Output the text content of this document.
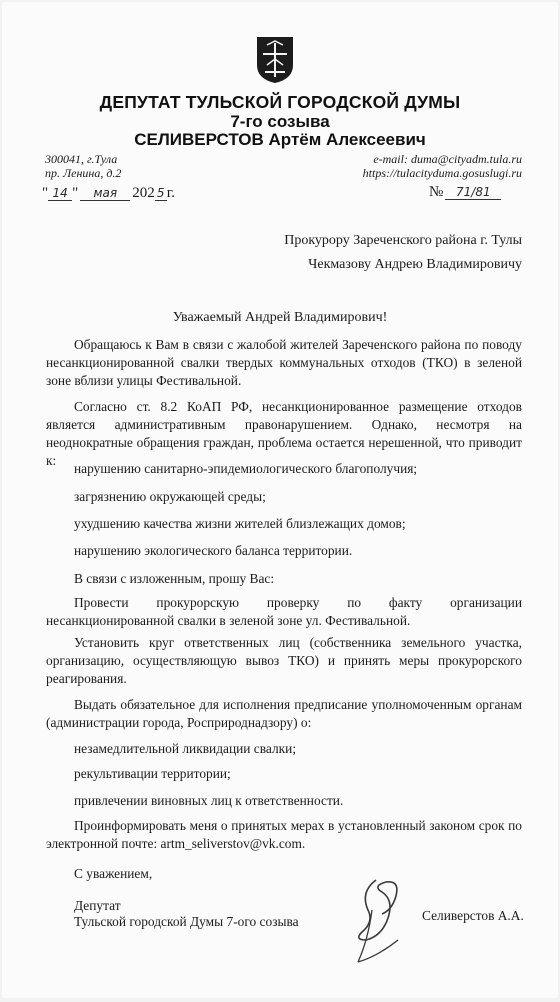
ДЕПУТАТ ТУЛЬСКОЙ ГОРОДСКОЙ ДУМЫ
7-го созыва
СЕЛИВЕРСТОВ Артём Алексеевич
300041, г.Тула
пр. Ленина, д.2
e-mail: duma@cityadm.tula.ru
https://tulacityduma.gosuslugi.ru
" 14 " мая 202 5 г.	№ 71/81
Прокурору Зареченского района г. Тулы
Чекмазову Андрею Владимировичу
Уважаемый Андрей Владимирович!
Обращаюсь к Вам в связи с жалобой жителей Зареченского района по поводу несанкционированной свалки твердых коммунальных отходов (ТКО) в зеленой зоне вблизи улицы Фестивальной.
Согласно ст. 8.2 КоАП РФ, несанкционированное размещение отходов является административным правонарушением. Однако, несмотря на неоднократные обращения граждан, проблема остается нерешенной, что приводит к:
нарушению санитарно-эпидемиологического благополучия;
загрязнению окружающей среды;
ухудшению качества жизни жителей близлежащих домов;
нарушению экологического баланса территории.
В связи с изложенным, прошу Вас:
Провести прокурорскую проверку по факту организации несанкционированной свалки в зеленой зоне ул. Фестивальной.
Установить круг ответственных лиц (собственника земельного участка, организацию, осуществляющую вывоз ТКО) и принять меры прокурорского реагирования.
Выдать обязательное для исполнения предписание уполномоченным органам (администрации города, Росприроднадзору) о:
незамедлительной ликвидации свалки;
рекультивации территории;
привлечении виновных лиц к ответственности.
Проинформировать меня о принятых мерах в установленный законом срок по электронной почте: artm_seliverstov@vk.com.
С уважением,
Депутат
Тульской городской Думы 7-ого созыва	Селиверстов А.А.
